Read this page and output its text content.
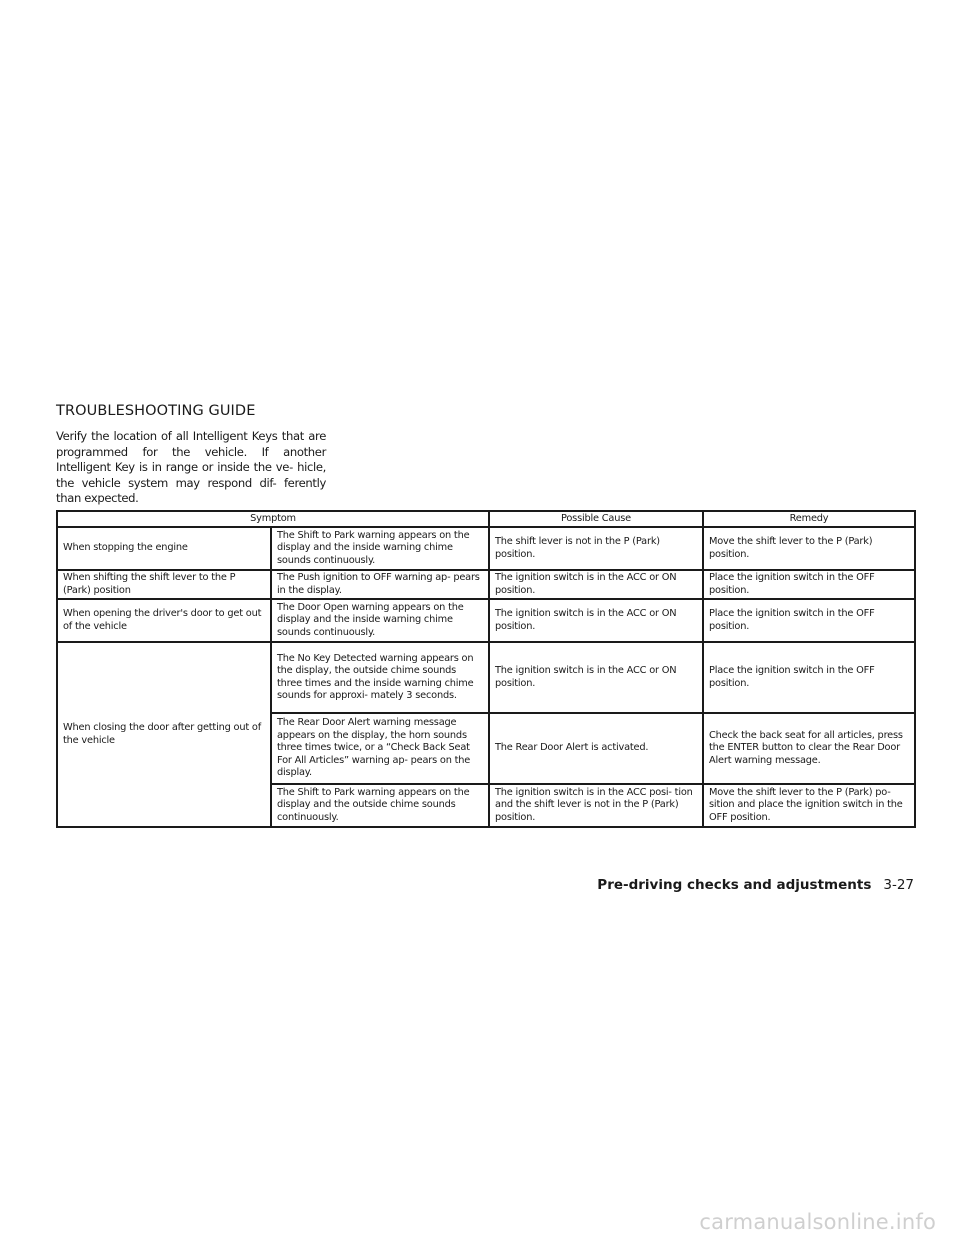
TROUBLESHOOTING GUIDE

Verify the location of all Intelligent Keys that are programmed for the vehicle. If another Intelligent Key is in range or inside the ve- hicle, the vehicle system may respond dif- ferently than expected.

Symptom		Possible Cause	Remedy
When stopping the engine	The Shift to Park warning appears on the display and the inside warning chime sounds continuously.	The shift lever is not in the P (Park) position.	Move the shift lever to the P (Park) position.
When shifting the shift lever to the P (Park) position	The Push ignition to OFF warning ap- pears in the display.	The ignition switch is in the ACC or ON position.	Place the ignition switch in the OFF position.
When opening the driver's door to get out of the vehicle	The Door Open warning appears on the display and the inside warning chime sounds continuously.	The ignition switch is in the ACC or ON position.	Place the ignition switch in the OFF position.
When closing the door after getting out of the vehicle	The No Key Detected warning appears on the display, the outside chime sounds three times and the inside warning chime sounds for approxi- mately 3 seconds.	The ignition switch is in the ACC or ON position.	Place the ignition switch in the OFF position.
	The Rear Door Alert warning message appears on the display, the horn sounds three times twice, or a “Check Back Seat For All Articles” warning ap- pears on the display.	The Rear Door Alert is activated.	Check the back seat for all articles, press the ENTER button to clear the Rear Door Alert warning message.
	The Shift to Park warning appears on the display and the outside chime sounds continuously.	The ignition switch is in the ACC posi- tion and the shift lever is not in the P (Park) position.	Move the shift lever to the P (Park) po- sition and place the ignition switch in the OFF position.
Pre-driving checks and adjustments 3-27
carmanualsonline.info
